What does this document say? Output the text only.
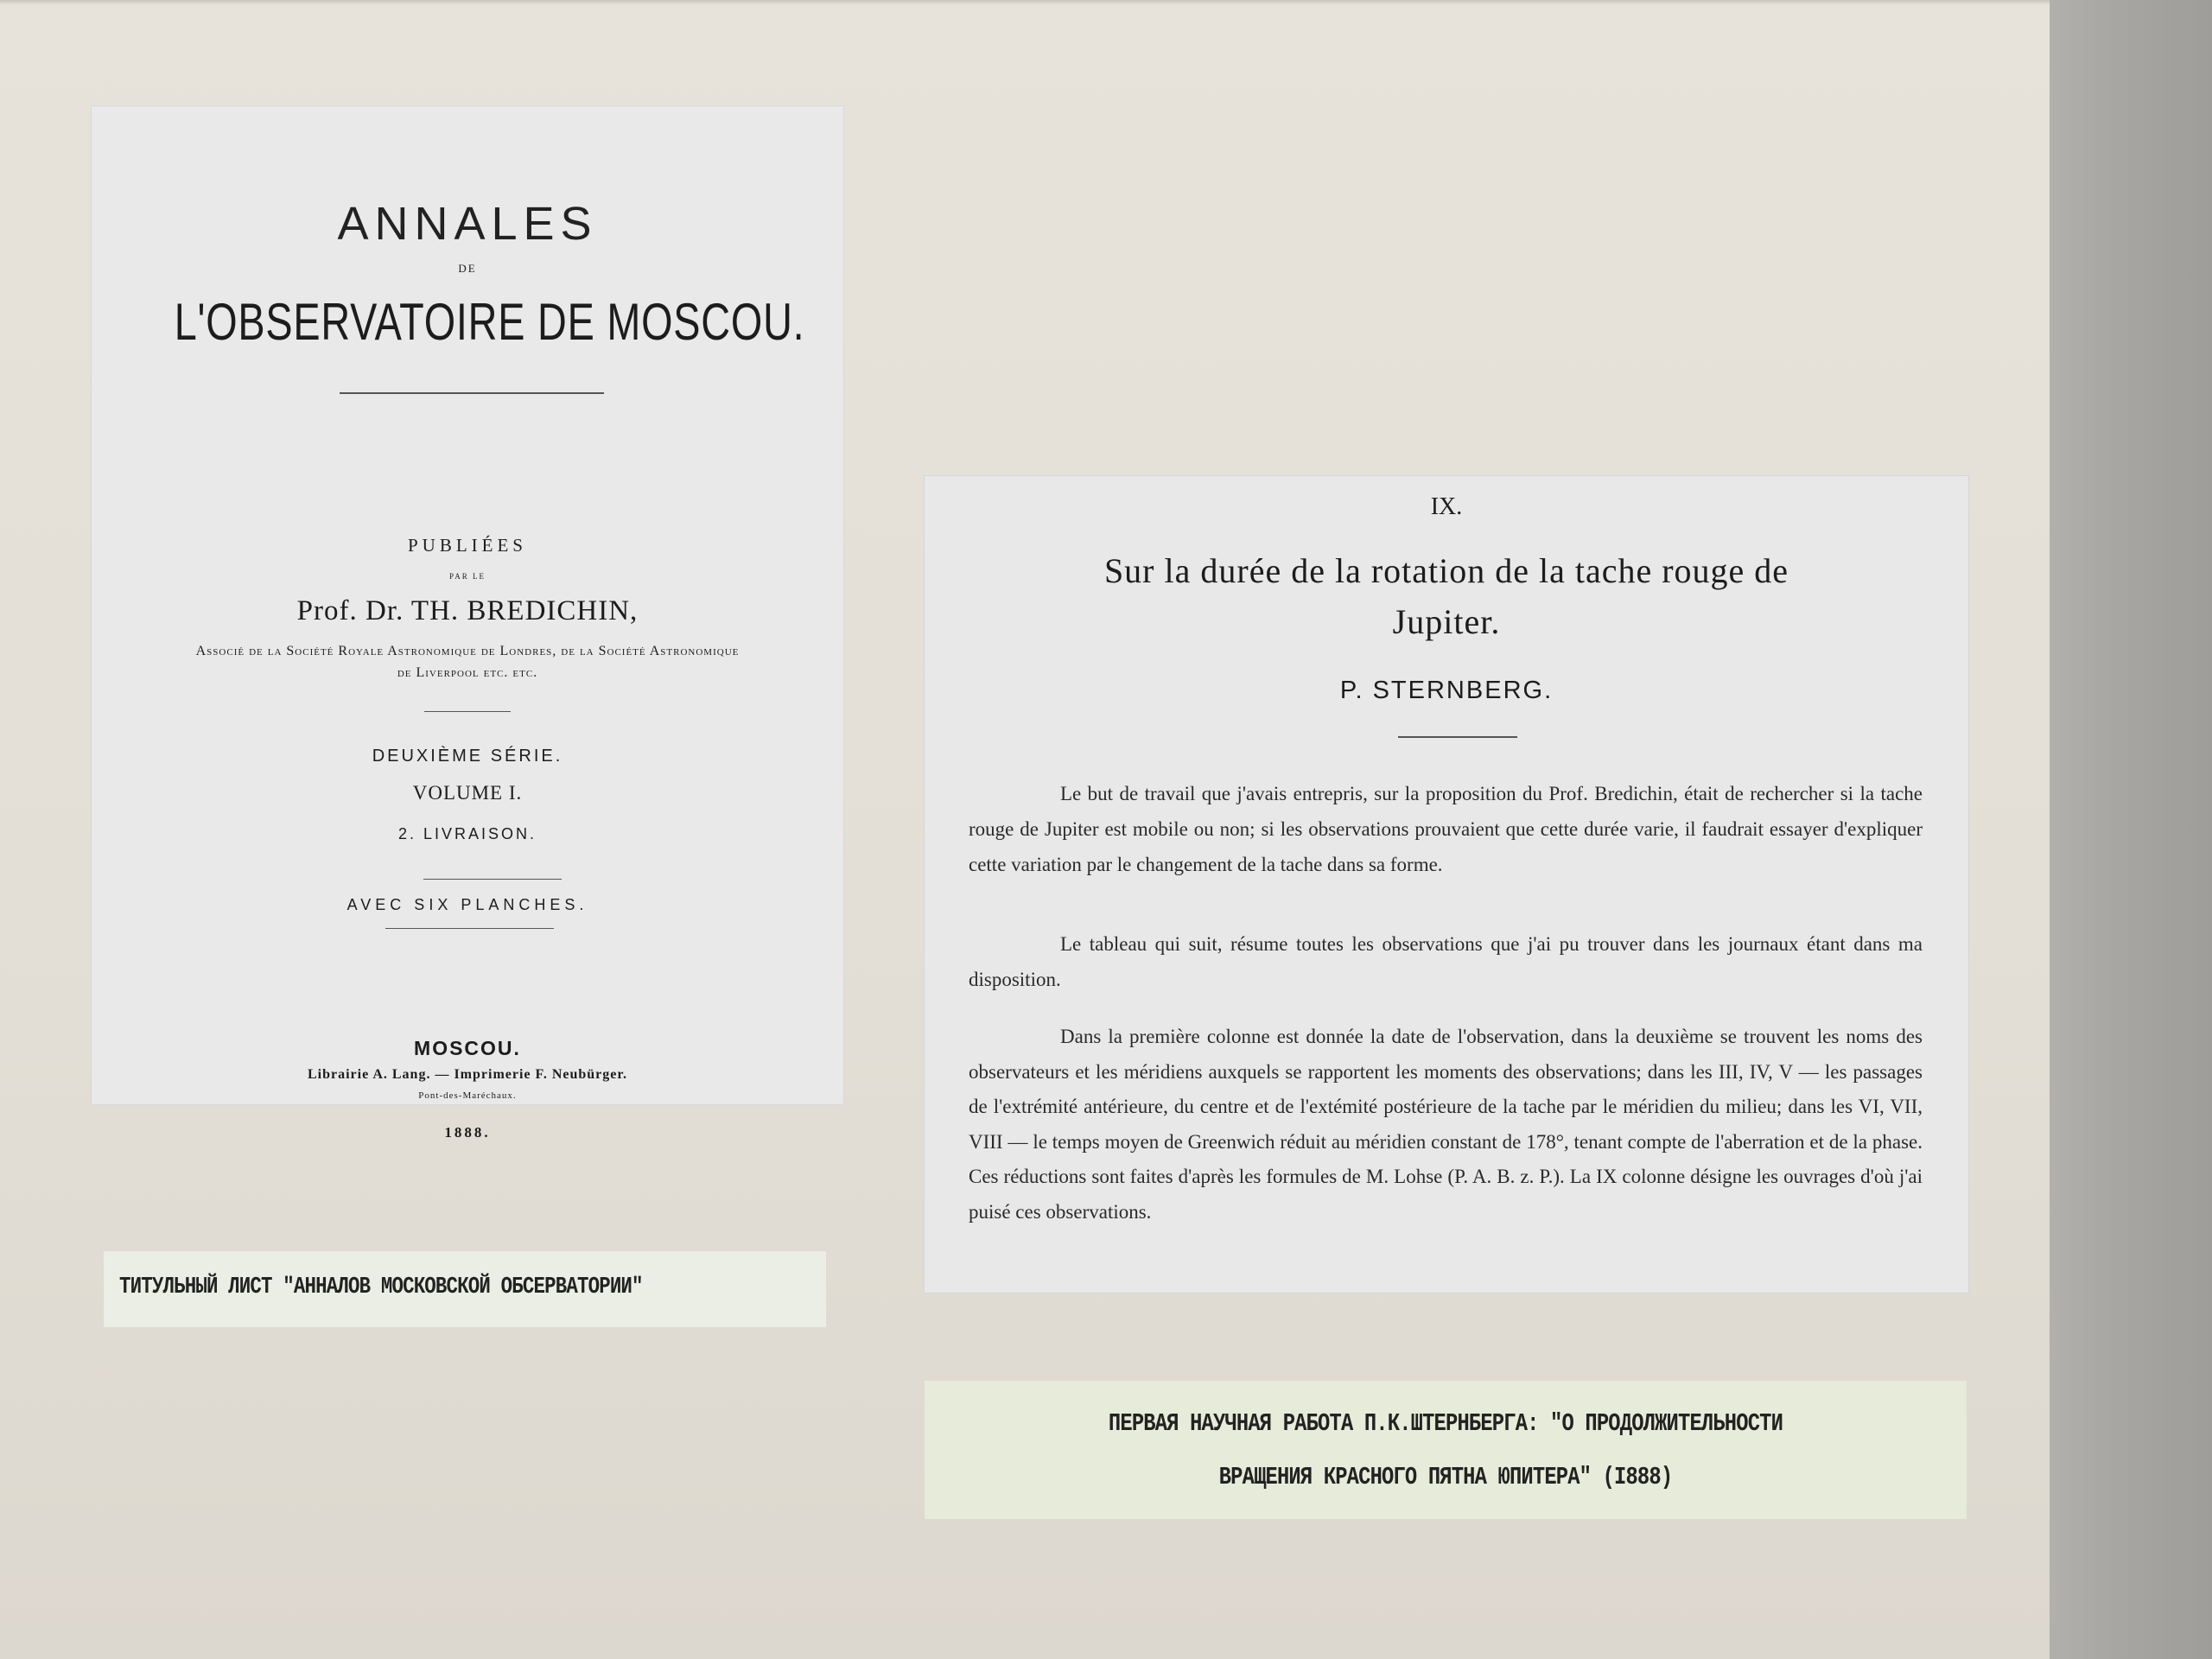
ANNALES
DE
L'OBSERVATOIRE DE MOSCOU.
PUBLIÉES
PAR LE
Prof. Dr. TH. BREDICHIN,
Associé de la Société Royale Astronomique de Londres, de la Société Astronomique
de Liverpool etc. etc.
DEUXIÈME SÉRIE.
VOLUME I.
2. LIVRAISON.
AVEC SIX PLANCHES.
MOSCOU.
Librairie A. Lang. — Imprimerie F. Neubürger.
Pont-des-Maréchaux.
1888.
ТИТУЛЬНЫЙ ЛИСТ "АННАЛОВ МОСКОВСКОЙ ОБСЕРВАТОРИИ"
IX.
Sur la durée de la rotation de la tache rouge de
Jupiter.
P. STERNBERG.

Le but de travail que j'avais entrepris, sur la proposition du Prof. Bredichin, était de rechercher si la tache rouge de Jupiter est mobile ou non; si les observations prouvaient que cette durée varie, il faudrait essayer d'expliquer cette variation par le changement de la tache dans sa forme.

Le tableau qui suit, résume toutes les observations que j'ai pu trouver dans les journaux étant dans ma disposition.

Dans la première colonne est donnée la date de l'observation, dans la deuxième se trouvent les noms des observateurs et les méridiens auxquels se rapportent les moments des observations; dans les III, IV, V — les passages de l'extrémité antérieure, du centre et de l'extémité postérieure de la tache par le méridien du milieu; dans les VI, VII, VIII — le temps moyen de Greenwich réduit au méridien constant de 178°, tenant compte de l'aberration et de la phase. Ces réductions sont faites d'après les formules de M. Lohse (P. A. B. z. P.). La IX colonne désigne les ouvrages d'où j'ai puisé ces observations.

ПЕРВАЯ НАУЧНАЯ РАБОТА П.К.ШТЕРНБЕРГА: "О ПРОДОЛЖИТЕЛЬНОСТИ
ВРАЩЕНИЯ КРАСНОГО ПЯТНА ЮПИТЕРА" (I888)
